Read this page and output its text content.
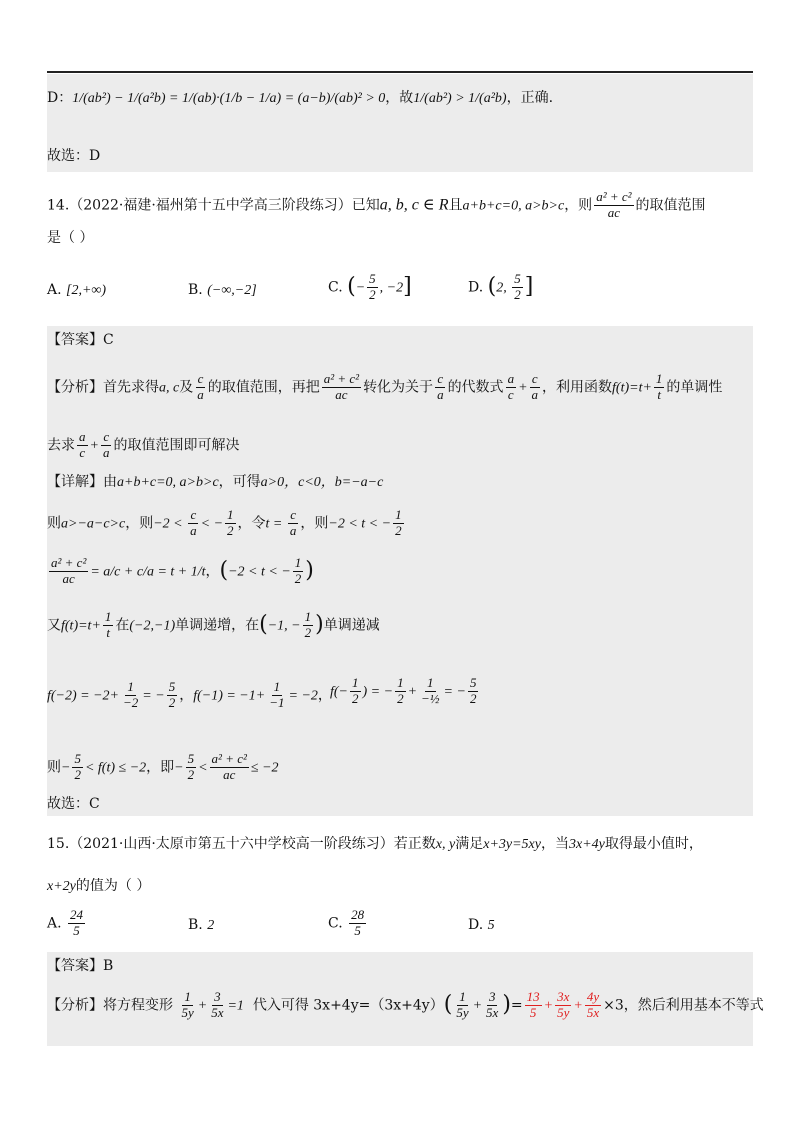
D：1/(ab²) − 1/(a²b) = 1/(ab)·(1/b − 1/a) = (a−b)/(ab)² > 0，故1/(ab²) > 1/(a²b)，正确.
故选：D
14.（2022·福建·福州第十五中学高三阶段练习）已知a, b, c ∈ R且a+b+c=0, a>b>c，则 $\frac{\text{a² + c²}}{ac}$ 的取值范围
是（ ）
A. [2,+∞)	B. (−∞,−2]	C. (− $\frac{5}{2}$ , −2]	D. (2, $\frac{5}{2}$ ]
【答案】C
【分析】首先求得a, c及 $\frac{c}{a}$ 的取值范围，再把 $\frac{\text{a² + c²}}{ac}$ 转化为关于 $\frac{c}{a}$ 的代数式 $\frac{a}{c} + \frac{c}{a}$ ，利用函数$f(t)=t+ \frac{1}{t}$ 的单调性
去求 $\frac{a}{c} + \frac{c}{a}$ 的取值范围即可解决
【详解】由a+b+c=0, a>b>c，可得a>0，c<0，b=−a−c
则a>−a−c>c，则$-2 < \frac{c}{a}$ < − $\frac{1}{2}$ ，令$t = \frac{c}{a}$ ，则−2 < t < − $\frac{1}{2}$
$\frac{\text{a² + c²}}{ac} = a/c + c/a = t + 1/t$，(−2 < t < − $\frac{1}{2}$ )
又$f(t)=t+ \frac{1}{t}$ 在(−2,−1)单调递增，在(−1, − $\frac{1}{2}$ )单调递减
$f(-2) = -2+ \frac{1}{-2}$ = − $\frac{5}{2}$ ，$f(-1) = -1+ \frac{1}{-1} = -2$，
$f(- \frac{1}{2}$ ) = − $\frac{1}{2} + \frac{1}{\text{−½}}$ = − $\frac{5}{2}$
则− $\frac{5}{2} < f(t) \le -2$，即− $\frac{5}{2} < \frac{\text{a² + c²}}{ac} \le -2$
故选：C
15.（2021·山西·太原市第五十六中学校高一阶段练习）若正数x, y满足x+3y=5xy，当3x+4y取得最小值时，
x+2y的值为（ ）
A. $\frac{24}{5}$	B. 2	C. $\frac{28}{5}$	D. 5
【答案】B
【分析】将方程变形 $\frac{1}{5y} + \frac{3}{5x} =1$ 代入可得 $3x+4y=(3x+4y)( \frac{1}{5y} + \frac{3}{5x}$ )= $\frac{13}{5} + \frac{3x}{5y} + \frac{4y}{5x} \times 3$，然后利用基本不等式
